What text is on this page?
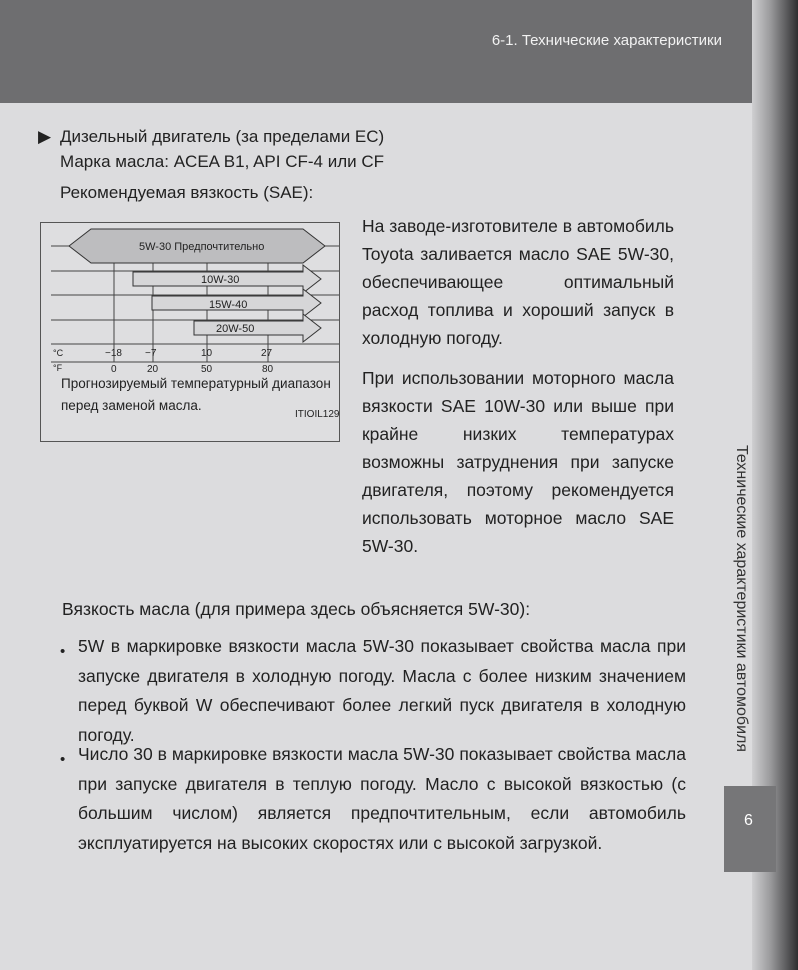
6-1. Технические характеристики
▶ Дизельный двигатель (за пределами ЕС)
Марка масла: ACEA B1, API CF-4 или CF
Рекомендуемая вязкость (SAE):
5W-30 Предпочтительно
10W-30
15W-40
20W-50
°C
°F
−18 −7	10	27
0	20	50	80
Прогнозируемый температурный диапазон перед заменой масла.
ITIOIL129

На заводе-изготовителе в автомобиль Toyota заливается масло SAE 5W-30, обеспечивающее оптимальный расход топлива и хороший запуск в холодную погоду.

При использовании моторного масла вязкости SAE 10W-30 или выше при крайне низких температурах возможны затруднения при запуске двигателя, поэтому рекомендуется использовать моторное масло SAE 5W-30.

Вязкость масла (для примера здесь объясняется 5W-30):
• 5W в маркировке вязкости масла 5W-30 показывает свойства масла при запуске двигателя в холодную погоду. Масла с более низким значением перед буквой W обеспечивают более легкий пуск двигателя в холодную погоду.
• Число 30 в маркировке вязкости масла 5W-30 показывает свойства масла при запуске двигателя в теплую погоду. Масло с высокой вязкостью (с большим числом) является предпочтительным, если автомобиль эксплуатируется на высоких скоростях или с высокой загрузкой.
Технические характеристики автомобиля
6
